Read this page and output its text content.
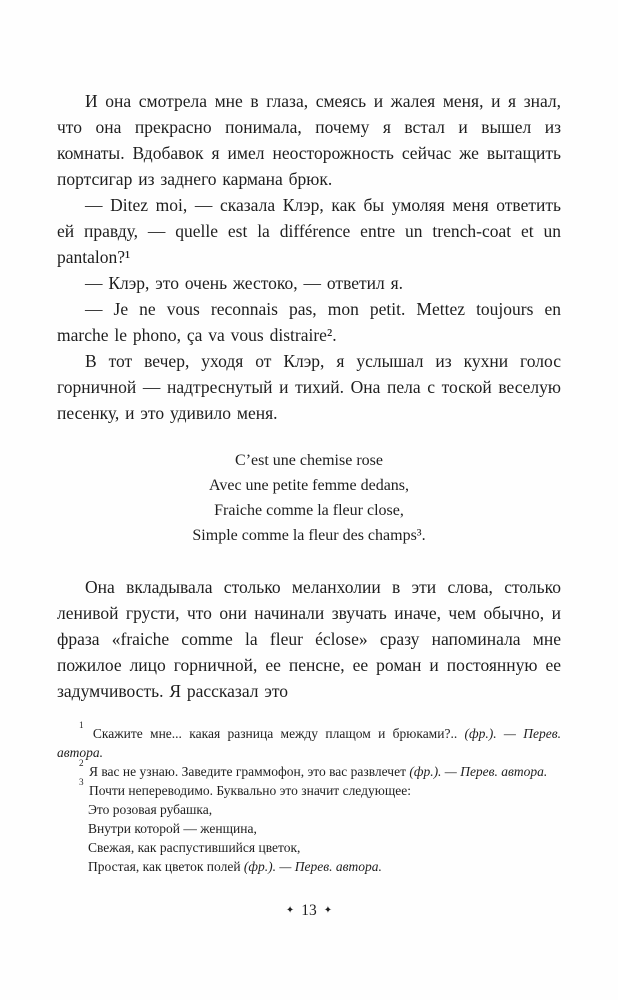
И она смотрела мне в глаза, смеясь и жалея меня, и я знал, что она прекрасно понимала, почему я встал и вышел из комнаты. Вдобавок я имел неосторожность сейчас же вытащить портсигар из заднего кармана брюк.

— Ditez moi, — сказала Клэр, как бы умоляя меня ответить ей правду, — quelle est la différence entre un trench-coat et un pantalon?¹

— Клэр, это очень жестоко, — ответил я.

— Je ne vous reconnais pas, mon petit. Mettez toujours en marche le phono, ça va vous distraire².

В тот вечер, уходя от Клэр, я услышал из кухни голос горничной — надтреснутый и тихий. Она пела с тоской веселую песенку, и это удивило меня.

C’est une chemise rose
Avec une petite femme dedans,
Fraiche comme la fleur close,
Simple comme la fleur des champs³.

Она вкладывала столько меланхолии в эти слова, столько ленивой грусти, что они начинали звучать иначе, чем обычно, и фраза «fraiche comme la fleur éclose» сразу напоминала мне пожилое лицо горничной, ее пенсне, ее роман и постоянную ее задумчивость. Я рассказал это

$^1$ Скажите мне... какая разница между плащом и брюками?.. (фр.). — Перев. автора.

$^2$ Я вас не узнаю. Заведите граммофон, это вас развлечет (фр.). — Перев. автора.

$^3$ Почти непереводимо. Буквально это значит следующее:

Это розовая рубашка,
Внутри которой — женщина,
Свежая, как распустившийся цветок,
Простая, как цветок полей (фр.). — Перев. автора.
✦ 13 ✦
